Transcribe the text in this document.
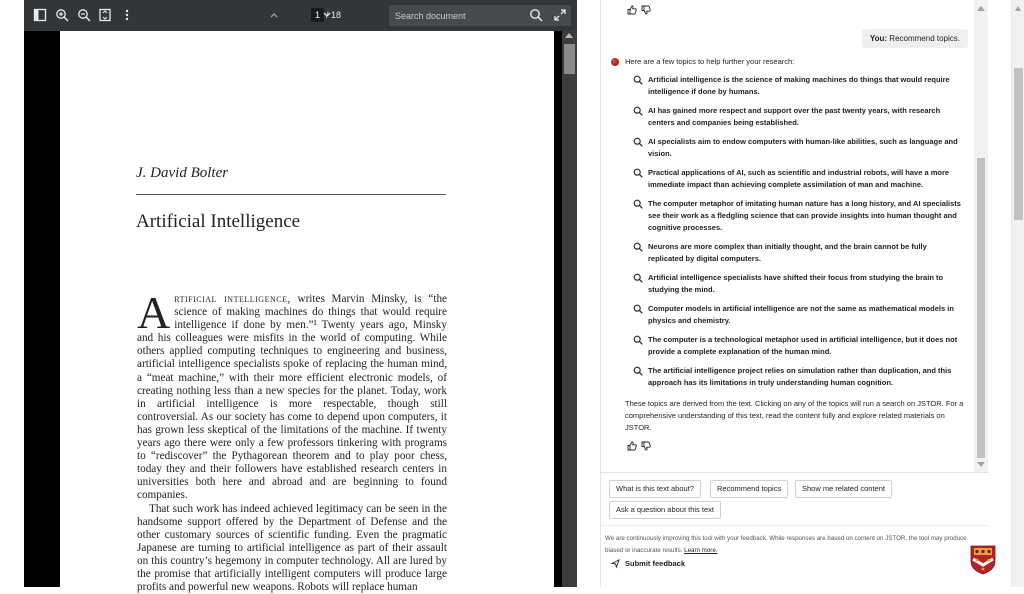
1 / 18
Search document
J. David Bolter
Artificial Intelligence

Artificial intelligence, writes Marvin Minsky, is “the science of making machines do things that would require intelligence if done by men.”¹ Twenty years ago, Minsky and his colleagues were misfits in the world of computing. While others applied computing techniques to engineering and business, artificial intelligence specialists spoke of replacing the human mind, a “meat machine,” with their more efficient electronic models, of creating nothing less than a new species for the planet. Today, work in artificial intelligence is more respectable, though still controversial. As our society has come to depend upon computers, it has grown less skeptical of the limitations of the machine. If twenty years ago there were only a few professors tinkering with programs to “rediscover” the Pythagorean theorem and to play poor chess, today they and their followers have established research centers in universities both here and abroad and are beginning to found companies.

That such work has indeed achieved legitimacy can be seen in the handsome support offered by the Department of Defense and the other customary sources of scientific funding. Even the pragmatic Japanese are turning to artificial intelligence as part of their assault on this country’s hegemony in computer technology. All are lured by the promise that artificially intelligent computers will produce large profits and powerful new weapons. Robots will replace human

You: Recommend topics.
Here are a few topics to help further your research:
Artificial intelligence is the science of making machines do things that would require intelligence if done by humans.
AI has gained more respect and support over the past twenty years, with research centers and companies being established.
AI specialists aim to endow computers with human-like abilities, such as language and vision.
Practical applications of AI, such as scientific and industrial robots, will have a more immediate impact than achieving complete assimilation of man and machine.
The computer metaphor of imitating human nature has a long history, and AI specialists see their work as a fledgling science that can provide insights into human thought and cognitive processes.
Neurons are more complex than initially thought, and the brain cannot be fully replicated by digital computers.
Artificial intelligence specialists have shifted their focus from studying the brain to studying the mind.
Computer models in artificial intelligence are not the same as mathematical models in physics and chemistry.
The computer is a technological metaphor used in artificial intelligence, but it does not provide a complete explanation of the human mind.
The artificial intelligence project relies on simulation rather than duplication, and this approach has its limitations in truly understanding human cognition.
These topics are derived from the text. Clicking on any of the topics will run a search on JSTOR. For a comprehensive understanding of this text, read the content fully and explore related materials on JSTOR.
What is this text about?	Recommend topics	Show me related content
Ask a question about this text
We are continuously improving this tool with your feedback. While responses are based on content on JSTOR, the tool may produce biased or inaccurate results. Learn more.
Submit feedback
